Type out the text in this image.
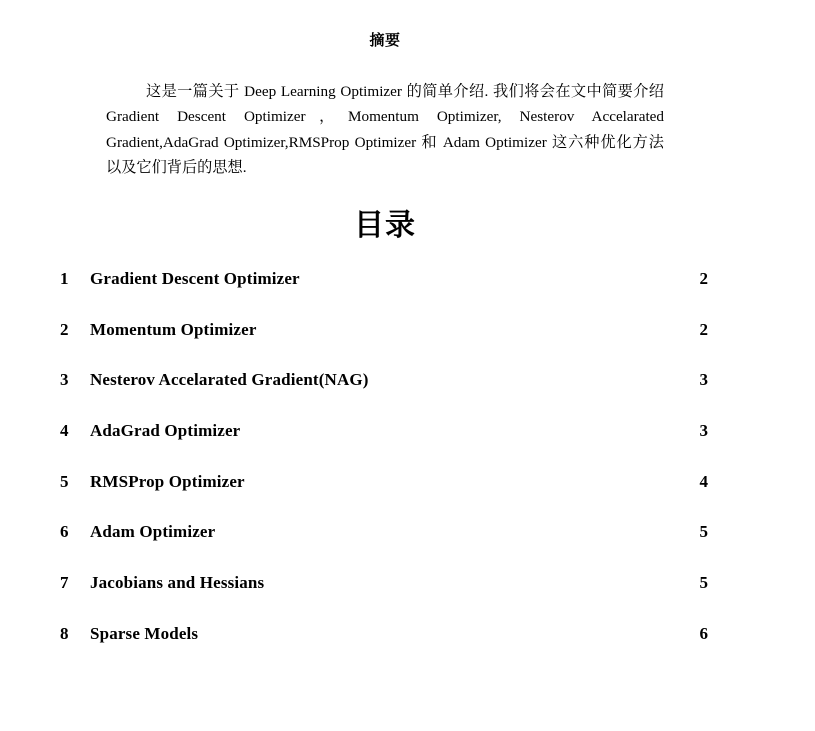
摘要

这是一篇关于 Deep Learning Optimizer 的简单介绍. 我们将会在文中简要介绍 Gradient Descent Optimizer，Momentum Optimizer, Nesterov Accelarated Gradient,AdaGrad Optimizer,RMSProp Optimizer 和 Adam Optimizer 这六种优化方法以及它们背后的思想.

目录
1	Gradient Descent Optimizer	2
2	Momentum Optimizer	2
3	Nesterov Accelarated Gradient(NAG)	3
4	AdaGrad Optimizer	3
5	RMSProp Optimizer	4
6	Adam Optimizer	5
7	Jacobians and Hessians	5
8	Sparse Models	6
